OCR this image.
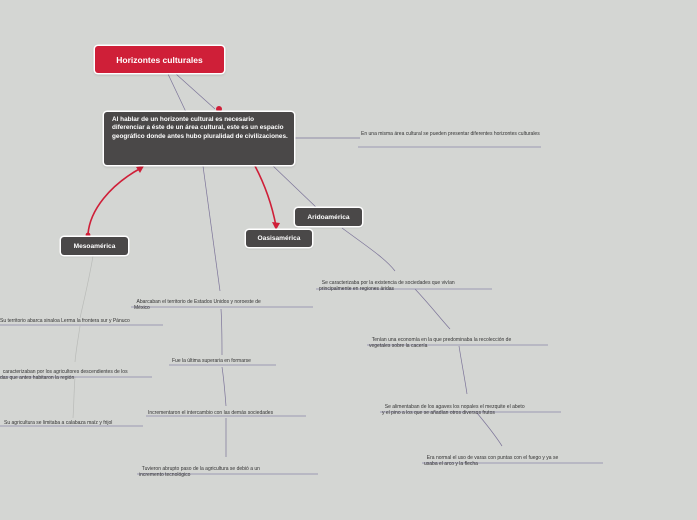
Horizontes culturales
Al hablar de un horizonte cultural es necesario diferenciar a éste de un área cultural, este es un espacio geográfico donde antes hubo pluralidad de civilizaciones.	En una misma área cultural se pueden presentar diferentes horizontes culturales
Aridoamérica
Oasisamérica
Mesoamérica
Su territorio abarca sinaloa Lerma la frontera sur y Pánuco

caracterizaban por los agricultores descendientes de los
das que antes habitaron la región

Su agricultura se limitaba a calabaza maíz y frijol

Abarcaban el territorio de Estados Unidos y noroeste de
México

Fue la última superaria en formarse
Incrementaron el intercambio con las demás sociedades

Tuvieron abrupto paso de la agricultura se debió a un
incremento tecnológico

Se caracterizaba por la existencia de sociedades que vivían
principalmente en regiones áridas

Tenían una economía en la que predominaba la recolección de
vegetales sobre la cacería

Se alimentaban de los agaves los nopales el mezquite el abeto
y el pino a los que se añadían otros diversos frutos

Era normal el uso de varas con puntas con el fuego y ya se
usaba el arco y la flecha
